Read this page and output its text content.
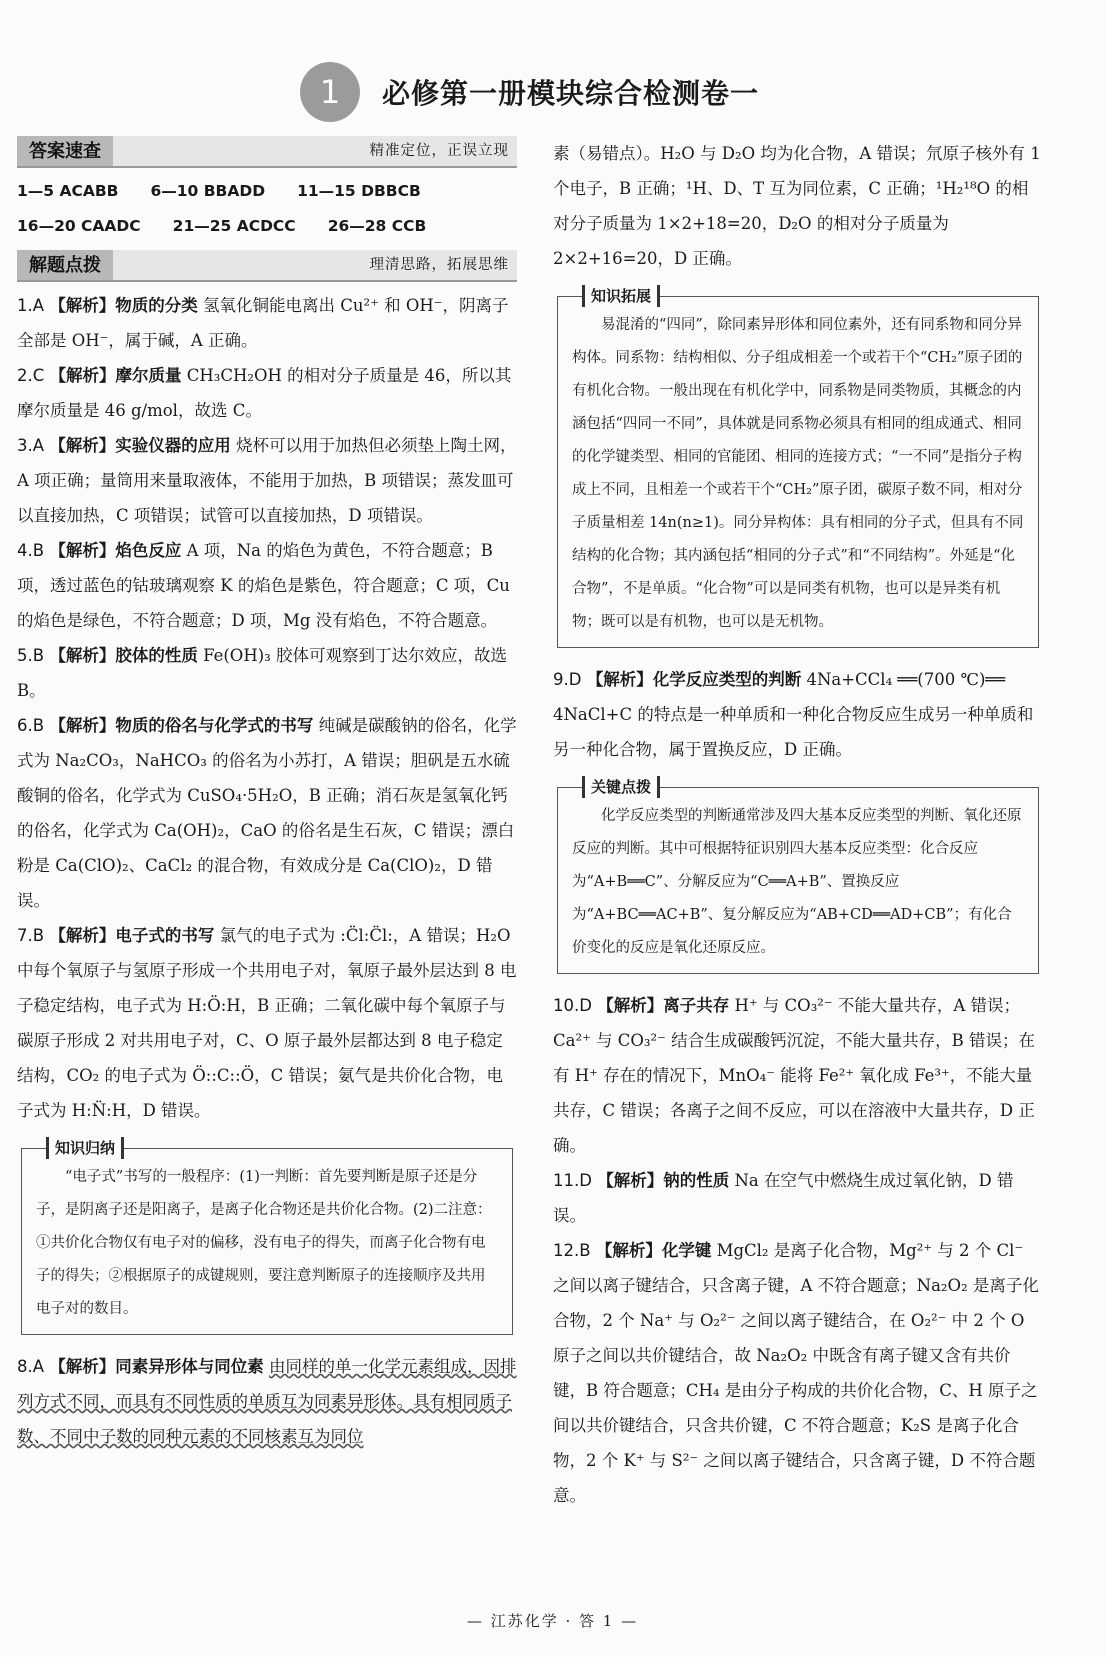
1	必修第一册模块综合检测卷一
答案速查	精准定位，正误立现
1—5 ACABB 6—10 BBADD 11—15 DBBCB
16—20 CAADC 21—25 ACDCC 26—28 CCB
解题点拨	理清思路，拓展思维

1.A 【解析】物质的分类 氢氧化铜能电离出 Cu²⁺ 和 OH⁻，阴离子全部是 OH⁻，属于碱，A 正确。

2.C 【解析】摩尔质量 CH₃CH₂OH 的相对分子质量是 46，所以其摩尔质量是 46 g/mol，故选 C。

3.A 【解析】实验仪器的应用 烧杯可以用于加热但必须垫上陶土网，A 项正确；量筒用来量取液体，不能用于加热，B 项错误；蒸发皿可以直接加热，C 项错误；试管可以直接加热，D 项错误。

4.B 【解析】焰色反应 A 项，Na 的焰色为黄色，不符合题意；B 项，透过蓝色的钴玻璃观察 K 的焰色是紫色，符合题意；C 项，Cu 的焰色是绿色，不符合题意；D 项，Mg 没有焰色，不符合题意。

5.B 【解析】胶体的性质 Fe(OH)₃ 胶体可观察到丁达尔效应，故选 B。

6.B 【解析】物质的俗名与化学式的书写 纯碱是碳酸钠的俗名，化学式为 Na₂CO₃，NaHCO₃ 的俗名为小苏打，A 错误；胆矾是五水硫酸铜的俗名，化学式为 CuSO₄·5H₂O，B 正确；消石灰是氢氧化钙的俗名，化学式为 Ca(OH)₂，CaO 的俗名是生石灰，C 错误；漂白粉是 Ca(ClO)₂、CaCl₂ 的混合物，有效成分是 Ca(ClO)₂，D 错误。

7.B 【解析】电子式的书写 氯气的电子式为 :C̈l:C̈l:，A 错误；H₂O 中每个氧原子与氢原子形成一个共用电子对，氧原子最外层达到 8 电子稳定结构，电子式为 H:Ö:H，B 正确；二氧化碳中每个氧原子与碳原子形成 2 对共用电子对，C、O 原子最外层都达到 8 电子稳定结构，CO₂ 的电子式为 Ö::C::Ö，C 错误；氨气是共价化合物，电子式为 H:N̈:H，D 错误。

知识归纳
“电子式”书写的一般程序：(1)一判断：首先要判断是原子还是分子，是阴离子还是阳离子，是离子化合物还是共价化合物。(2)二注意：①共价化合物仅有电子对的偏移，没有电子的得失，而离子化合物有电子的得失；②根据原子的成键规则，要注意判断原子的连接顺序及共用电子对的数目。

8.A 【解析】同素异形体与同位素 由同样的单一化学元素组成，因排列方式不同，而具有不同性质的单质互为同素异形体。具有相同质子数、不同中子数的同种元素的不同核素互为同位

素（易错点）。H₂O 与 D₂O 均为化合物，A 错误；氘原子核外有 1 个电子，B 正确；¹H、D、T 互为同位素，C 正确；¹H₂¹⁸O 的相对分子质量为 1×2+18=20，D₂O 的相对分子质量为 2×2+16=20，D 正确。

知识拓展
易混淆的“四同”，除同素异形体和同位素外，还有同系物和同分异构体。同系物：结构相似、分子组成相差一个或若干个“CH₂”原子团的有机化合物。一般出现在有机化学中，同系物是同类物质，其概念的内涵包括“四同一不同”，具体就是同系物必须具有相同的组成通式、相同的化学键类型、相同的官能团、相同的连接方式；“一不同”是指分子构成上不同，且相差一个或若干个“CH₂”原子团，碳原子数不同，相对分子质量相差 14n(n≥1)。同分异构体：具有相同的分子式，但具有不同结构的化合物；其内涵包括“相同的分子式”和“不同结构”。外延是“化合物”，不是单质。“化合物”可以是同类有机物，也可以是异类有机物；既可以是有机物，也可以是无机物。

9.D 【解析】化学反应类型的判断 4Na+CCl₄ ══(700 ℃)══ 4NaCl+C 的特点是一种单质和一种化合物反应生成另一种单质和另一种化合物，属于置换反应，D 正确。

关键点拨
化学反应类型的判断通常涉及四大基本反应类型的判断、氧化还原反应的判断。其中可根据特征识别四大基本反应类型：化合反应为“A+B══C”、分解反应为“C══A+B”、置换反应为“A+BC══AC+B”、复分解反应为“AB+CD══AD+CB”；有化合价变化的反应是氧化还原反应。

10.D 【解析】离子共存 H⁺ 与 CO₃²⁻ 不能大量共存，A 错误；Ca²⁺ 与 CO₃²⁻ 结合生成碳酸钙沉淀，不能大量共存，B 错误；在有 H⁺ 存在的情况下，MnO₄⁻ 能将 Fe²⁺ 氧化成 Fe³⁺，不能大量共存，C 错误；各离子之间不反应，可以在溶液中大量共存，D 正确。

11.D 【解析】钠的性质 Na 在空气中燃烧生成过氧化钠，D 错误。

12.B 【解析】化学键 MgCl₂ 是离子化合物，Mg²⁺ 与 2 个 Cl⁻ 之间以离子键结合，只含离子键，A 不符合题意；Na₂O₂ 是离子化合物，2 个 Na⁺ 与 O₂²⁻ 之间以离子键结合，在 O₂²⁻ 中 2 个 O 原子之间以共价键结合，故 Na₂O₂ 中既含有离子键又含有共价键，B 符合题意；CH₄ 是由分子构成的共价化合物，C、H 原子之间以共价键结合，只含共价键，C 不符合题意；K₂S 是离子化合物，2 个 K⁺ 与 S²⁻ 之间以离子键结合，只含离子键，D 不符合题意。

— 江苏化学 · 答 1 —
